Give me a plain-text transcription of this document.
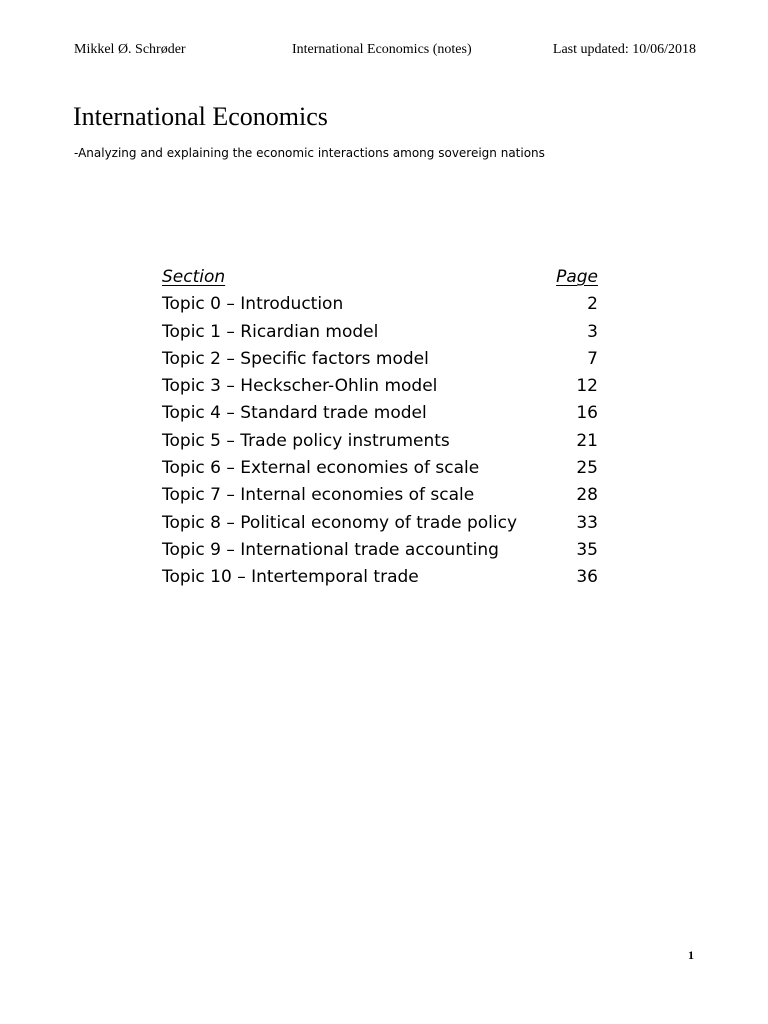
Mikkel Ø. Schrøder	International Economics (notes)	Last updated: 10/06/2018
International Economics

-Analyzing and explaining the economic interactions among sovereign nations

Section	Page
Topic 0 – Introduction	2
Topic 1 – Ricardian model	3
Topic 2 – Specific factors model	7
Topic 3 – Heckscher-Ohlin model	12
Topic 4 – Standard trade model	16
Topic 5 – Trade policy instruments	21
Topic 6 – External economies of scale	25
Topic 7 – Internal economies of scale	28
Topic 8 – Political economy of trade policy	33
Topic 9 – International trade accounting	35
Topic 10 – Intertemporal trade	36
1
